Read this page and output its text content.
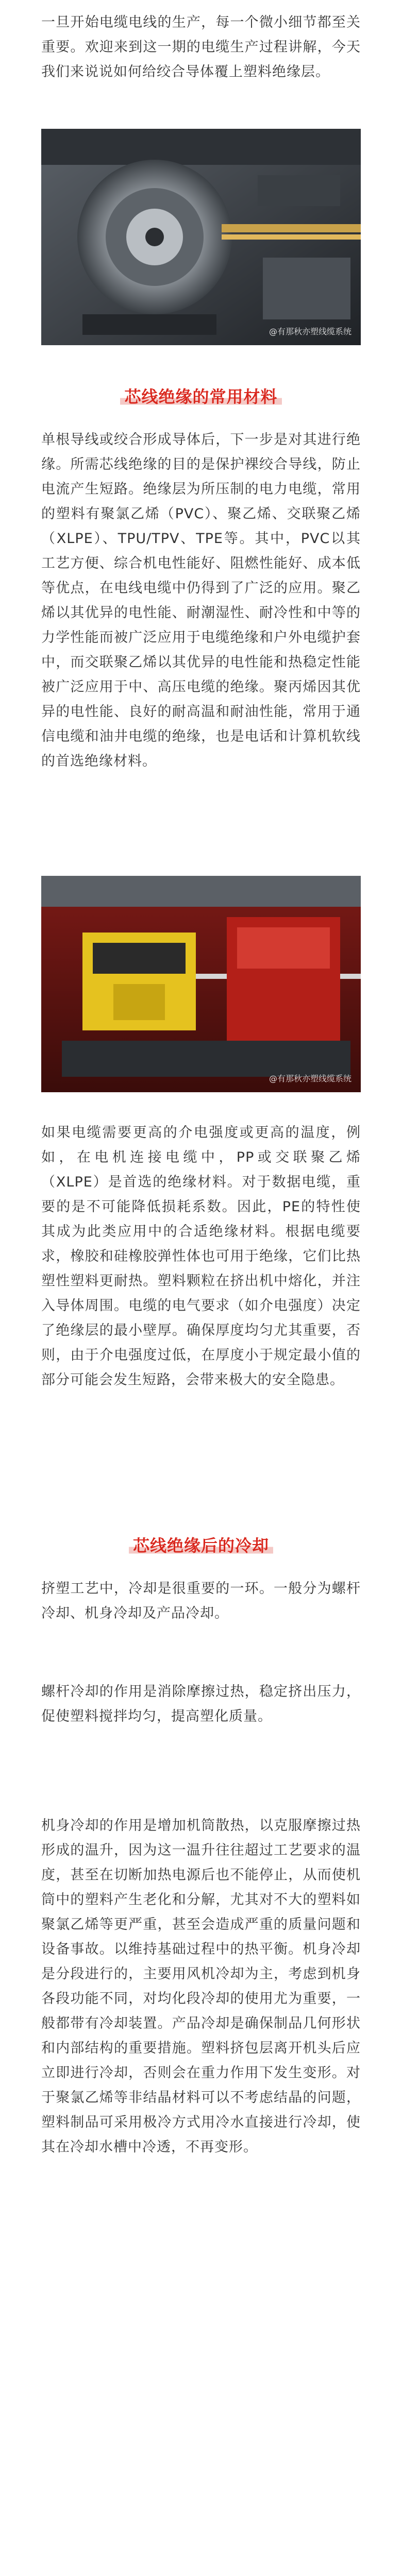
一旦开始电缆电线的生产，每一个微小细节都至关重要。欢迎来到这一期的电缆生产过程讲解，今天我们来说说如何给绞合导体覆上塑料绝缘层。

@有那秋亦塑线缆系统
芯线绝缘的常用材料

单根导线或绞合形成导体后，下一步是对其进行绝缘。所需芯线绝缘的目的是保护裸绞合导线，防止电流产生短路。绝缘层为所压制的电力电缆，常用的塑料有聚氯乙烯（PVC）、聚乙烯、交联聚乙烯（XLPE）、TPU/TPV、TPE等。其中，PVC以其工艺方便、综合机电性能好、阻燃性能好、成本低等优点，在电线电缆中仍得到了广泛的应用。聚乙烯以其优异的电性能、耐潮湿性、耐冷性和中等的力学性能而被广泛应用于电缆绝缘和户外电缆护套中，而交联聚乙烯以其优异的电性能和热稳定性能被广泛应用于中、高压电缆的绝缘。聚丙烯因其优异的电性能、良好的耐高温和耐油性能，常用于通信电缆和油井电缆的绝缘，也是电话和计算机软线的首选绝缘材料。

@有那秋亦塑线缆系统

如果电缆需要更高的介电强度或更高的温度，例如，在电机连接电缆中，PP或交联聚乙烯（XLPE）是首选的绝缘材料。对于数据电缆，重要的是不可能降低损耗系数。因此，PE的特性使其成为此类应用中的合适绝缘材料。根据电缆要求，橡胶和硅橡胶弹性体也可用于绝缘，它们比热塑性塑料更耐热。塑料颗粒在挤出机中熔化，并注入导体周围。电缆的电气要求（如介电强度）决定了绝缘层的最小壁厚。确保厚度均匀尤其重要，否则，由于介电强度过低，在厚度小于规定最小值的部分可能会发生短路，会带来极大的安全隐患。

芯线绝缘后的冷却

挤塑工艺中，冷却是很重要的一环。一般分为螺杆冷却、机身冷却及产品冷却。

螺杆冷却的作用是消除摩擦过热，稳定挤出压力，促使塑料搅拌均匀，提高塑化质量。

机身冷却的作用是增加机筒散热，以克服摩擦过热形成的温升，因为这一温升往往超过工艺要求的温度，甚至在切断加热电源后也不能停止，从而使机筒中的塑料产生老化和分解，尤其对不大的塑料如聚氯乙烯等更严重，甚至会造成严重的质量问题和设备事故。以维持基础过程中的热平衡。机身冷却是分段进行的，主要用风机冷却为主，考虑到机身各段功能不同，对均化段冷却的使用尤为重要，一般都带有冷却装置。产品冷却是确保制品几何形状和内部结构的重要措施。塑料挤包层离开机头后应立即进行冷却，否则会在重力作用下发生变形。对于聚氯乙烯等非结晶材料可以不考虑结晶的问题，塑料制品可采用极冷方式用冷水直接进行冷却，使其在冷却水槽中冷透，不再变形。
